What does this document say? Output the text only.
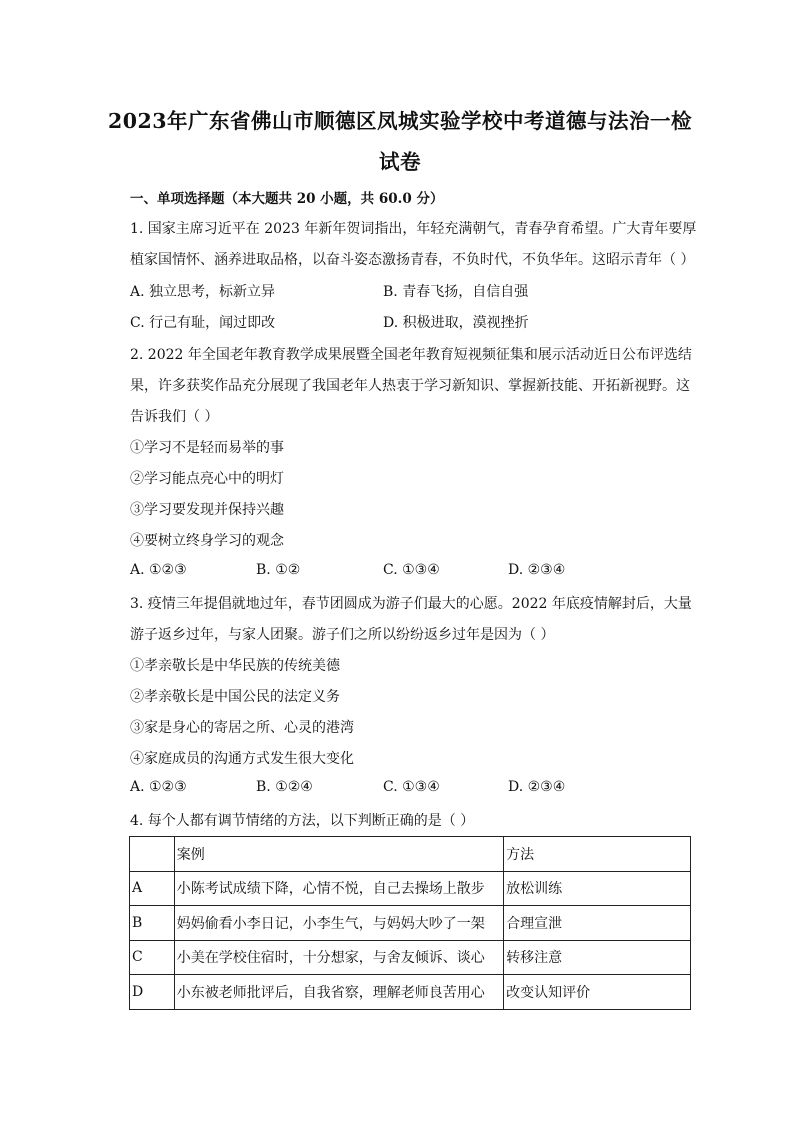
2023年广东省佛山市顺德区凤城实验学校中考道德与法治一检
试卷
一、单项选择题（本大题共 20 小题，共 60.0 分）
1. 国家主席习近平在 2023 年新年贺词指出，年轻充满朝气，青春孕育希望。广大青年要厚
植家国情怀、涵养进取品格，以奋斗姿态激扬青春，不负时代，不负华年。这昭示青年（ ）
A. 独立思考，标新立异	B. 青春飞扬，自信自强
C. 行己有耻，闻过即改	D. 积极进取，漠视挫折
2. 2022 年全国老年教育教学成果展暨全国老年教育短视频征集和展示活动近日公布评选结
果，许多获奖作品充分展现了我国老年人热衷于学习新知识、掌握新技能、开拓新视野。这
告诉我们（ ）
①学习不是轻而易举的事
②学习能点亮心中的明灯
③学习要发现并保持兴趣
④要树立终身学习的观念
A. ①②③	B. ①②	C. ①③④	D. ②③④
3. 疫情三年提倡就地过年，春节团圆成为游子们最大的心愿。2022 年底疫情解封后，大量
游子返乡过年，与家人团聚。游子们之所以纷纷返乡过年是因为（ ）
①孝亲敬长是中华民族的传统美德
②孝亲敬长是中国公民的法定义务
③家是身心的寄居之所、心灵的港湾
④家庭成员的沟通方式发生很大变化
A. ①②③	B. ①②④	C. ①③④	D. ②③④
4. 每个人都有调节情绪的方法，以下判断正确的是（ ）
	案例	方法
A	小陈考试成绩下降，心情不悦，自己去操场上散步	放松训练
B	妈妈偷看小李日记，小李生气，与妈妈大吵了一架	合理宣泄
C	小美在学校住宿时，十分想家，与舍友倾诉、谈心	转移注意
D	小东被老师批评后，自我省察，理解老师良苦用心	改变认知评价
